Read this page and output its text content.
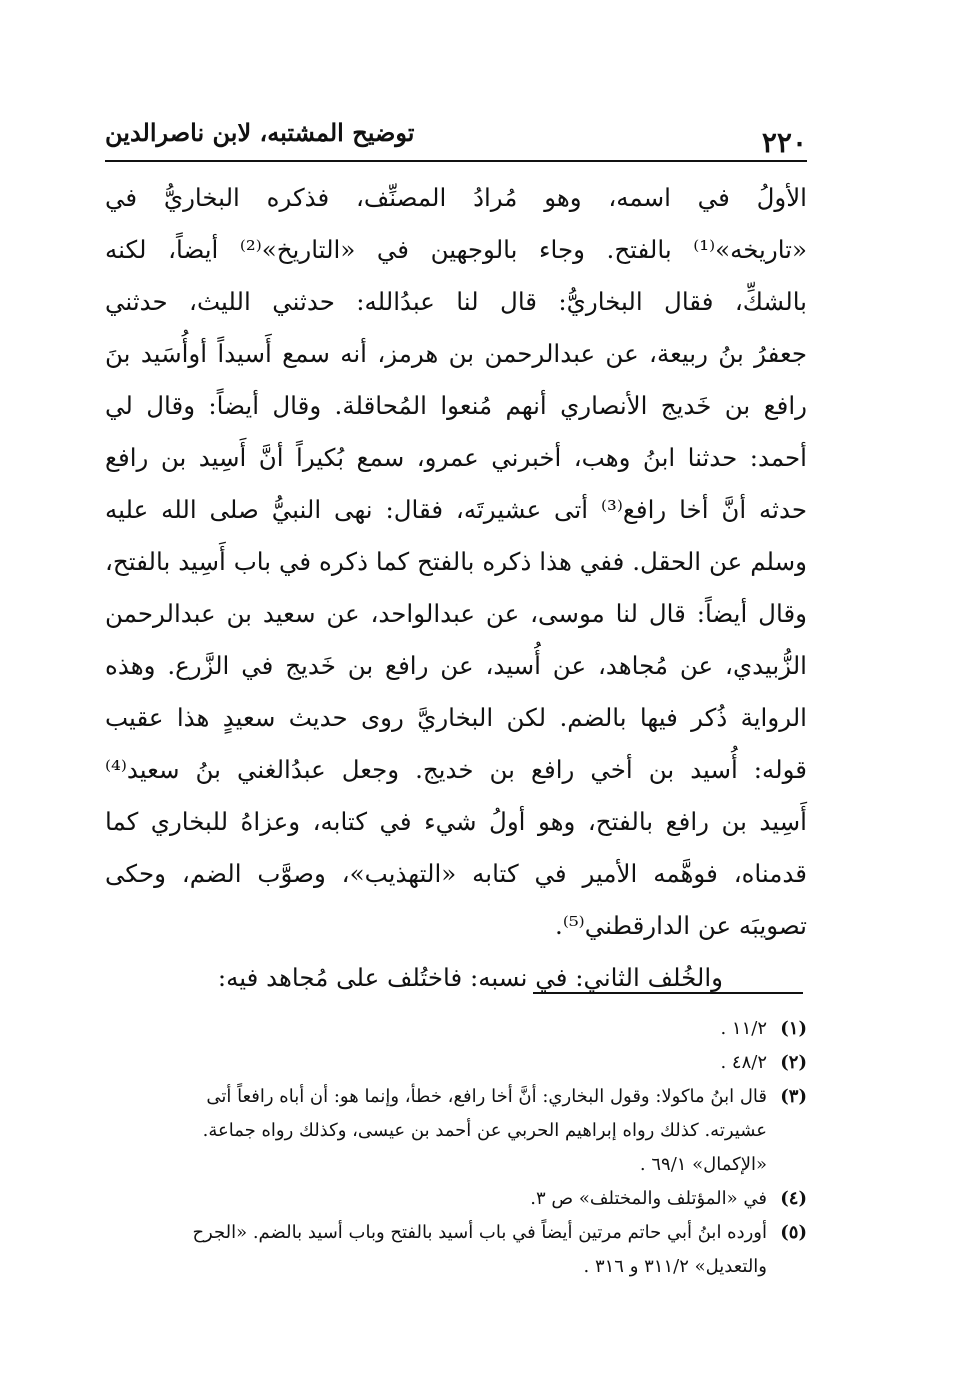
٢٢٠
توضيح المشتبه، لابن ناصرالدين
الأولُ في اسمه، وهو مُرادُ المصنِّف، فذكره البخاريُّ في
«تاريخه»⁽¹⁾ بالفتح. وجاء بالوجهين في «التاريخ»⁽²⁾ أيضاً، لكنه
بالشكِّ، فقال البخاريُّ: قال لنا عبدُالله: حدثني الليث، حدثني
جعفرُ بنُ ربيعة، عن عبدالرحمن بن هرمز، أنه سمع أَسيداً أوأُسَيد بنَ
رافع بن خَديج الأنصاري أنهم مُنعوا المُحاقلة. وقال أيضاً: وقال لي
أحمد: حدثنا ابنُ وهب، أخبرني عمرو، سمع بُكيراً أنَّ أَسِيد بن رافع
حدثه أنَّ أخا رافع⁽³⁾ أتى عشيرتَه، فقال: نهى النبيُّ صلى الله عليه
وسلم عن الحقل. ففي هذا ذكره بالفتح كما ذكره في باب أَسِيد بالفتح،
وقال أيضاً: قال لنا موسى، عن عبدالواحد، عن سعيد بن عبدالرحمن
الزُّبيدي، عن مُجاهد، عن أُسيد، عن رافع بن خَديج في الزَّرع. وهذه
الرواية ذُكر فيها بالضم. لكن البخاريَّ روى حديث سعيدٍ هذا عقيب
قوله: أُسيد بن أخي رافع بن خديج. وجعل عبدُالغني بنُ سعيد⁽⁴⁾
أَسِيد بن رافع بالفتح، وهو أولُ شيء في كتابه، وعزاهُ للبخاري كما
قدمناه، فوهَّمه الأمير في كتابه «التهذيب»، وصوَّب الضم، وحكى
تصويبَه عن الدارقطني⁽⁵⁾.
والخُلف الثاني: في نسبه: فاختُلف على مُجاهد فيه:
(١)١١/٢ .
(٢)٤٨/٢ .
(٣)قال ابنُ ماكولا: وقول البخاري: أنَّ أخا رافع، خطأ، وإنما هو: أن أباه رافعاً أتى
عشيرته. كذلك رواه إبراهيم الحربي عن أحمد بن عيسى، وكذلك رواه جماعة.
«الإكمال» ٦٩/١ .
(٤)في «المؤتلف والمختلف» ص ٣.
(٥)أورده ابنُ أبي حاتم مرتين أيضاً في باب أسيد بالفتح وباب أسيد بالضم. «الجرح
والتعديل» ٣١١/٢ و ٣١٦ .
